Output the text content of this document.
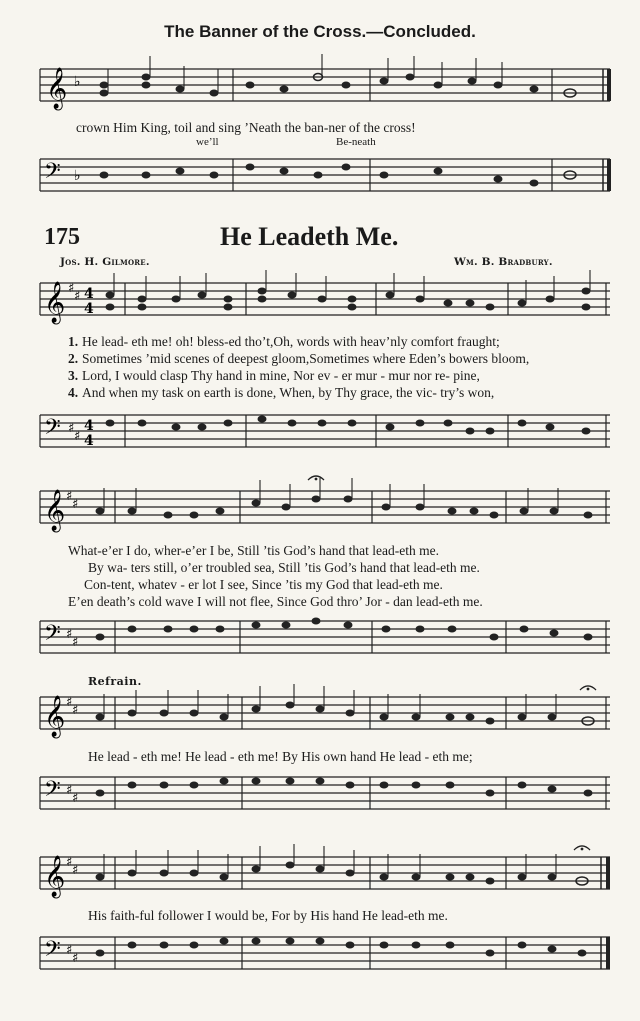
The Banner of the Cross.—Concluded.
𝄞 ♭
crown Him King, toil and sing ’Neath the ban-ner of the cross!
we’ll	Be-neath
𝄢 ♭
175	He Leadeth Me.
Jos. H. Gilmore.	Wm. B. Bradbury.
𝄞 ♯
♯ 4
4
1. He lead- eth me! oh! bless-ed tho’t,Oh, words with heav’nly comfort fraught;
2. Sometimes ’mid scenes of deepest gloom,Sometimes where Eden’s bowers bloom,
3. Lord, I would clasp Thy hand in mine, Nor ev - er mur - mur nor re- pine,
4. And when my task on earth is done, When, by Thy grace, the vic- try’s won,
𝄢 ♯
♯
4
4
𝄞 ♯
♯
What-e’er I do, wher-e’er I be, Still ’tis God’s hand that lead-eth me.
By wa- ters still, o’er troubled sea, Still ’tis God’s hand that lead-eth me.
Con-tent, whatev - er lot I see, Since ’tis my God that lead-eth me.
E’en death’s cold wave I will not flee, Since God thro’ Jor - dan lead-eth me.
𝄢 ♯
♯
Refrain.
𝄞 ♯
♯
He lead - eth me! He lead - eth me! By His own hand He lead - eth me;
𝄢 ♯
♯
𝄞 ♯
♯
His faith-ful follower I would be, For by His hand He lead-eth me.
𝄢 ♯
♯
